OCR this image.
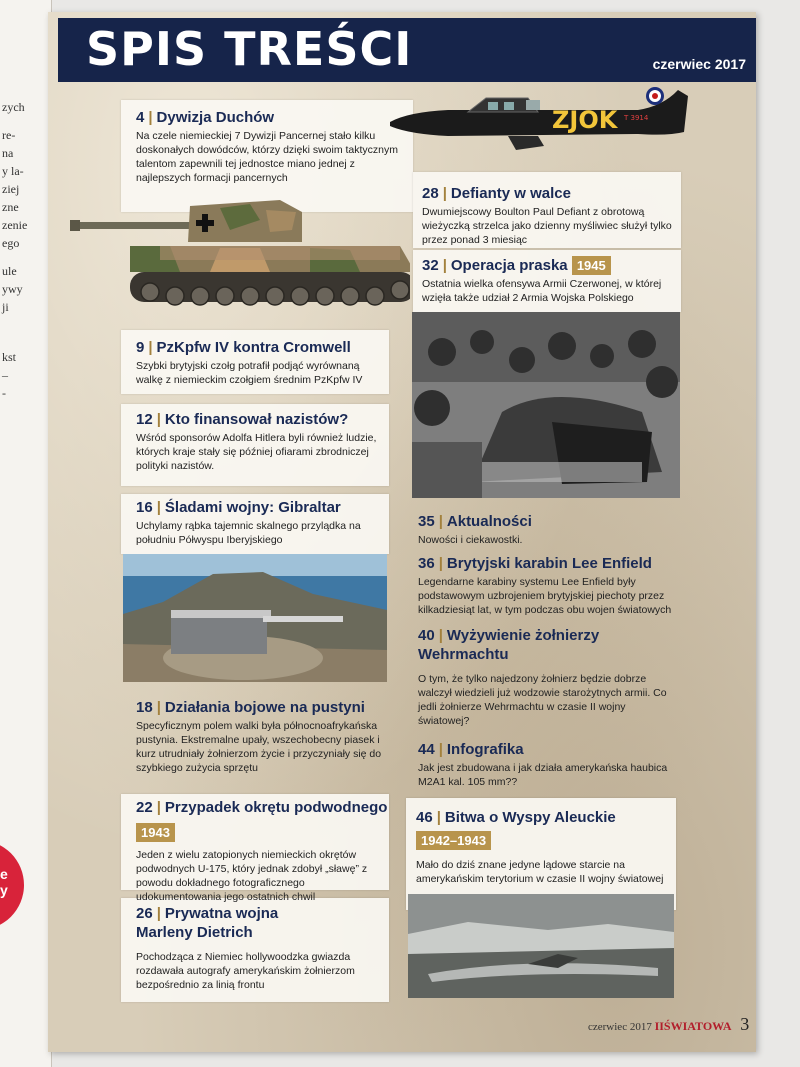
zych
re-
na
y la-
ziej
zne
zenie
ego
ule
ywy
ji
kst
–
-
e
y
SPIS TREŚCI	czerwiec 2017
ZJOK T 3914
4 | Dywizja Duchów
Na czele niemieckiej 7 Dywizji Pancernej stało kilku doskonałych dowódców, którzy dzięki swoim taktycznym talentom zapewnili tej jednostce miano jednej z najlepszych formacji pancernych
28 | Defianty w walce
Dwumiejscowy Boulton Paul Defiant z obrotową wieżyczką strzelca jako dzienny myśliwiec służył tylko przez ponad 3 miesiąc
32 | Operacja praska 1945
Ostatnia wielka ofensywa Armii Czerwonej, w której wzięła także udział 2 Armia Wojska Polskiego
9 | PzKpfw IV kontra Cromwell
Szybki brytyjski czołg potrafił podjąć wyrównaną walkę z niemieckim czołgiem średnim PzKpfw IV
12 | Kto finansował nazistów?
Wśród sponsorów Adolfa Hitlera byli również ludzie, których kraje stały się później ofiarami zbrodniczej polityki nazistów.
16 | Śladami wojny: Gibraltar
Uchylamy rąbka tajemnic skalnego przylądka na południu Półwyspu Iberyjskiego
35 | Aktualności
Nowości i ciekawostki.
36 | Brytyjski karabin Lee Enfield
Legendarne karabiny systemu Lee Enfield były podstawowym uzbrojeniem brytyjskiej piechoty przez kilkadziesiąt lat, w tym podczas obu wojen światowych
40 | Wyżywienie żołnierzy
Wehrmachtu
O tym, że tylko najedzony żołnierz będzie dobrze walczył wiedzieli już wodzowie starożytnych armii. Co jedli żołnierze Wehrmachtu w czasie II wojny światowej?
18 | Działania bojowe na pustyni
Specyficznym polem walki była północnoafrykańska pustynia. Ekstremalne upały, wszechobecny piasek i kurz utrudniały żołnierzom życie i przyczyniały się do szybkiego zużycia sprzętu
44 | Infografika
Jak jest zbudowana i jak działa amerykańska haubica M2A1 kal. 105 mm??
22 | Przypadek okrętu podwodnego
1943
Jeden z wielu zatopionych niemieckich okrętów podwodnych U-175, który jednak zdobył „sławę” z powodu dokładnego fotograficznego udokumentowania jego ostatnich chwil
46 | Bitwa o Wyspy Aleuckie
1942–1943
Mało do dziś znane jedyne lądowe starcie na amerykańskim terytorium w czasie II wojny światowej
26 | Prywatna wojna
Marleny Dietrich
Pochodząca z Niemiec hollywoodzka gwiazda rozdawała autografy amerykańskim żołnierzom bezpośrednio za linią frontu
czerwiec 2017 IIŚWIATOWA 3
